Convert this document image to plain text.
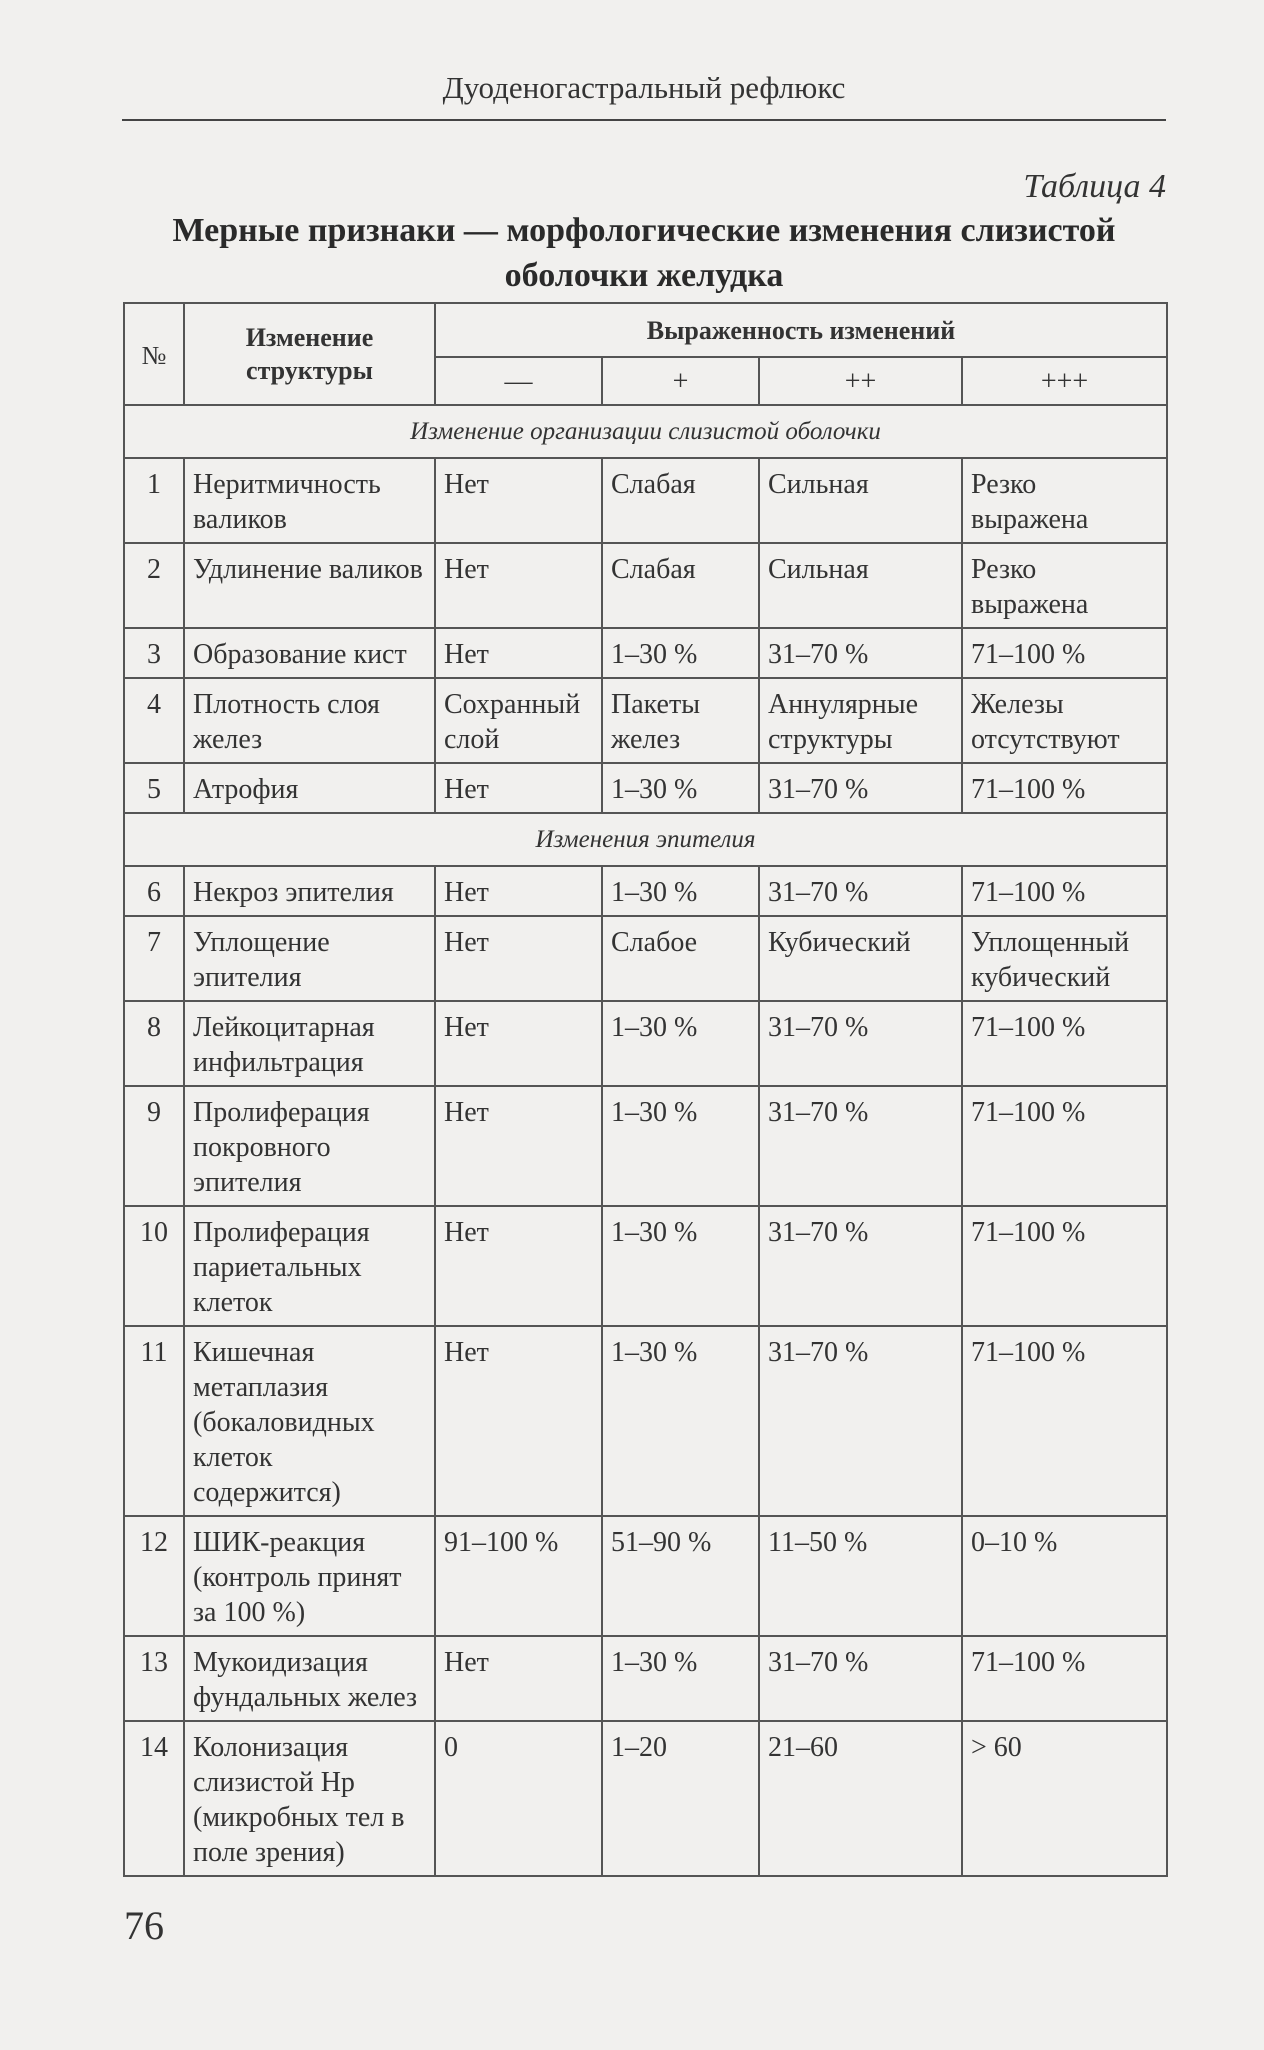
Дуоденогастральный рефлюкс
Таблица 4
Мерные признаки — морфологические изменения слизистой
оболочки желудка
№	Изменение структуры	Выраженность изменений			
		—	+	++	+++
Изменение организации слизистой оболочки					
1	Неритмичность валиков	Нет	Слабая	Сильная	Резко выражена
2	Удлинение валиков	Нет	Слабая	Сильная	Резко выражена
3	Образование кист	Нет	1–30 %	31–70 %	71–100 %
4	Плотность слоя желез	Сохранный слой	Пакеты желез	Аннулярные структуры	Железы отсутствуют
5	Атрофия	Нет	1–30 %	31–70 %	71–100 %
Изменения эпителия					
6	Некроз эпителия	Нет	1–30 %	31–70 %	71–100 %
7	Уплощение эпителия	Нет	Слабое	Кубический	Уплощенный кубический
8	Лейкоцитарная инфильтрация	Нет	1–30 %	31–70 %	71–100 %
9	Пролиферация покровного эпителия	Нет	1–30 %	31–70 %	71–100 %
10	Пролиферация париетальных клеток	Нет	1–30 %	31–70 %	71–100 %
11	Кишечная метаплазия (бокаловидных клеток содержится)	Нет	1–30 %	31–70 %	71–100 %
12	ШИК-реакция (контроль принят за 100 %)	91–100 %	51–90 %	11–50 %	0–10 %
13	Мукоидизация фундальных желез	Нет	1–30 %	31–70 %	71–100 %
14	Колонизация слизистой Hp (микробных тел в поле зрения)	0	1–20	21–60	> 60
76
